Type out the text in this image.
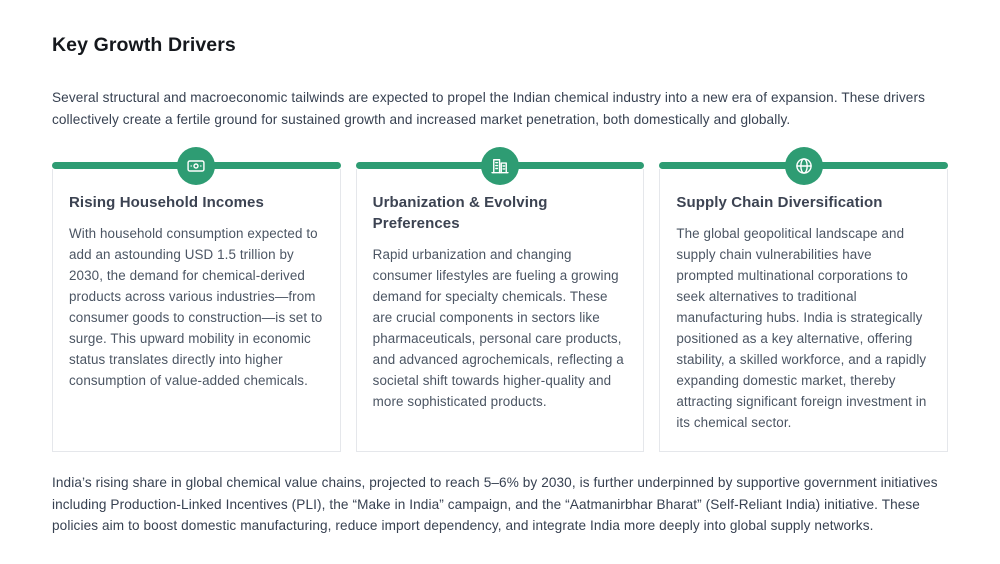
Key Growth Drivers

Several structural and macroeconomic tailwinds are expected to propel the Indian chemical industry into a new era of expansion. These drivers collectively create a fertile ground for sustained growth and increased market penetration, both domestically and globally.

Rising Household Incomes

With household consumption expected to add an astounding USD 1.5 trillion by 2030, the demand for chemical-derived products across various industries—from consumer goods to construction—is set to surge. This upward mobility in economic status translates directly into higher consumption of value-added chemicals.

Urbanization & Evolving Preferences

Rapid urbanization and changing consumer lifestyles are fueling a growing demand for specialty chemicals. These are crucial components in sectors like pharmaceuticals, personal care products, and advanced agrochemicals, reflecting a societal shift towards higher-quality and more sophisticated products.

Supply Chain Diversification

The global geopolitical landscape and supply chain vulnerabilities have prompted multinational corporations to seek alternatives to traditional manufacturing hubs. India is strategically positioned as a key alternative, offering stability, a skilled workforce, and a rapidly expanding domestic market, thereby attracting significant foreign investment in its chemical sector.

India’s rising share in global chemical value chains, projected to reach 5–6% by 2030, is further underpinned by supportive government initiatives including Production-Linked Incentives (PLI), the “Make in India” campaign, and the “Aatmanirbhar Bharat” (Self-Reliant India) initiative. These policies aim to boost domestic manufacturing, reduce import dependency, and integrate India more deeply into global supply networks.
